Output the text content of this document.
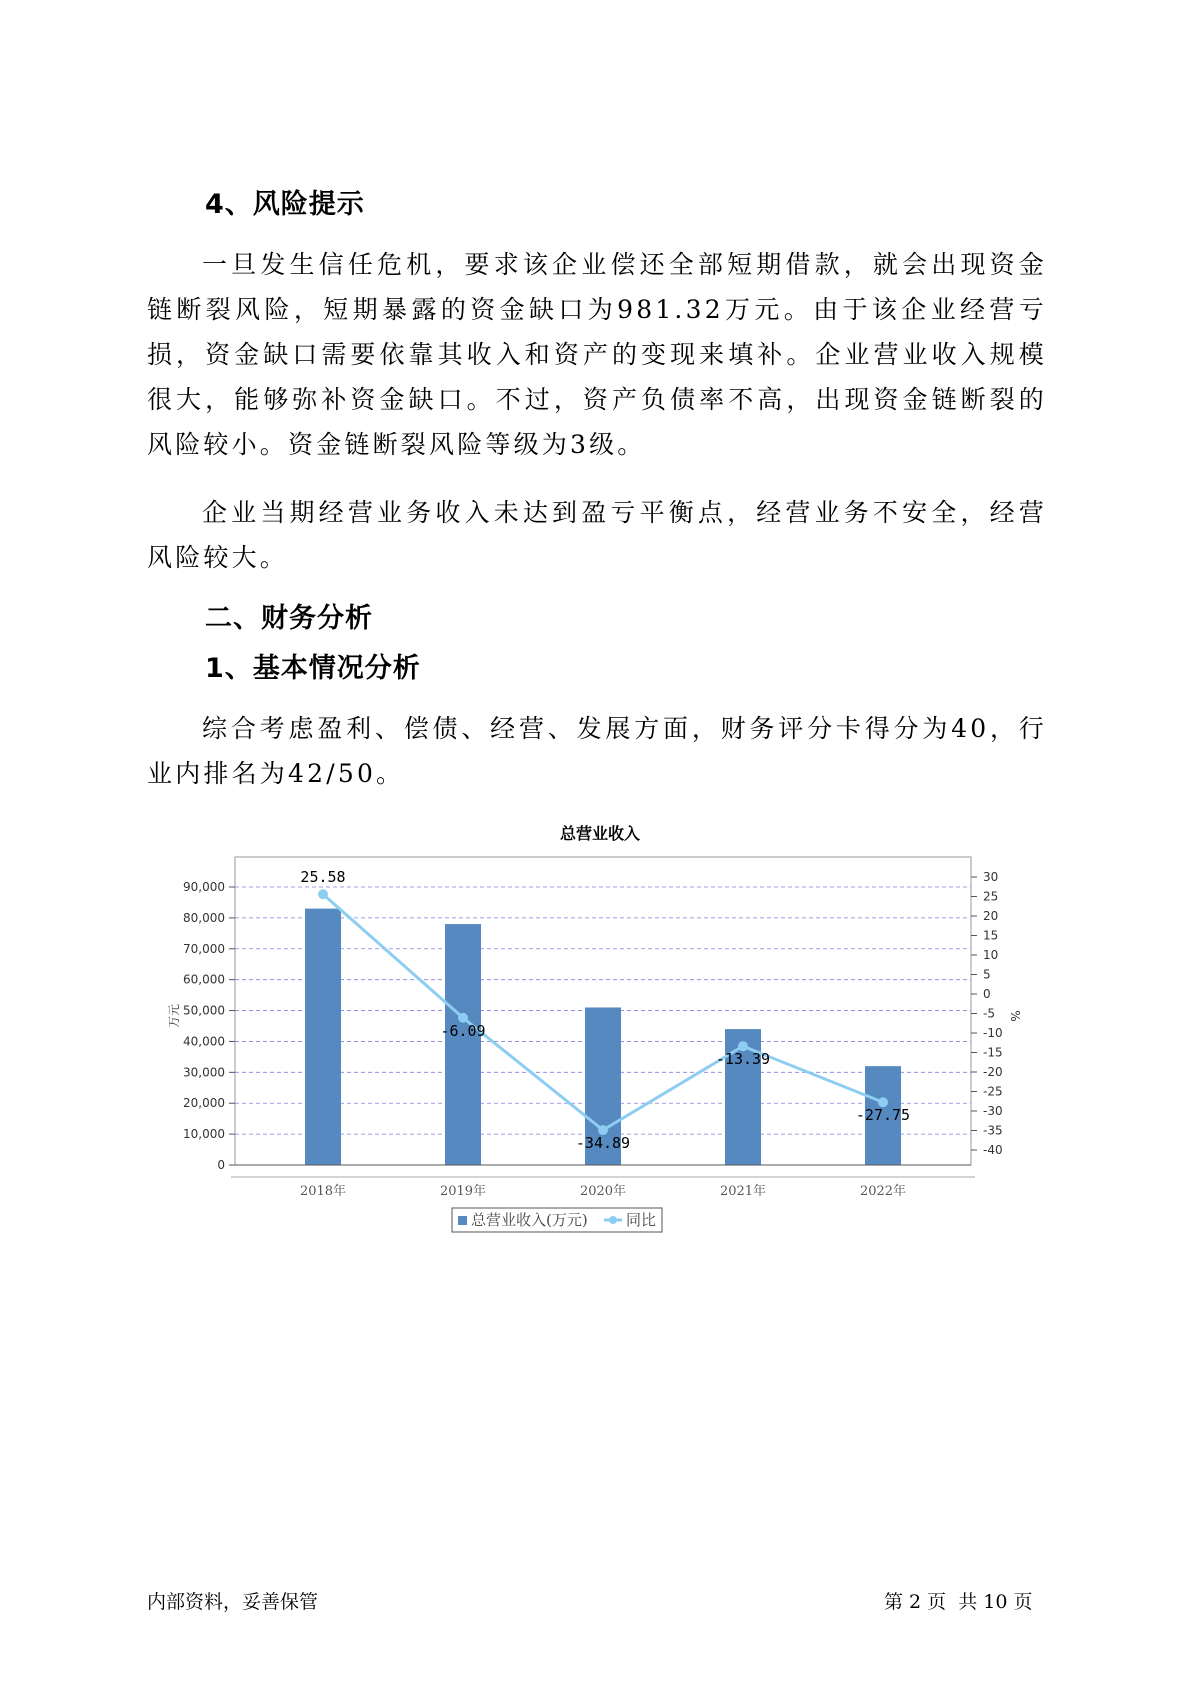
4、风险提示

一旦发生信任危机，要求该企业偿还全部短期借款，就会出现资金链断裂风险，短期暴露的资金缺口为981.32万元。由于该企业经营亏损，资金缺口需要依靠其收入和资产的变现来填补。企业营业收入规模很大，能够弥补资金缺口。不过，资产负债率不高，出现资金链断裂的风险较小。资金链断裂风险等级为3级。

企业当期经营业务收入未达到盈亏平衡点，经营业务不安全，经营风险较大。

二、财务分析
1、基本情况分析

综合考虑盈利、偿债、经营、发展方面，财务评分卡得分为40，行业内排名为42/50。

总营业收入
0
10,000
20,000
30,000
40,000
50,000
60,000
70,000
80,000
90,000
30
25
20
15
10
5
0
-5
-10
-15
-20
-25
-30
-35
-40
万元	%
2018年	2019年	2020年	2021年	2022年
25.58
-6.09
-34.89
-13.39
-27.75
总营业收入(万元)	同比
内部资料，妥善保管	第 2 页  共 10 页
